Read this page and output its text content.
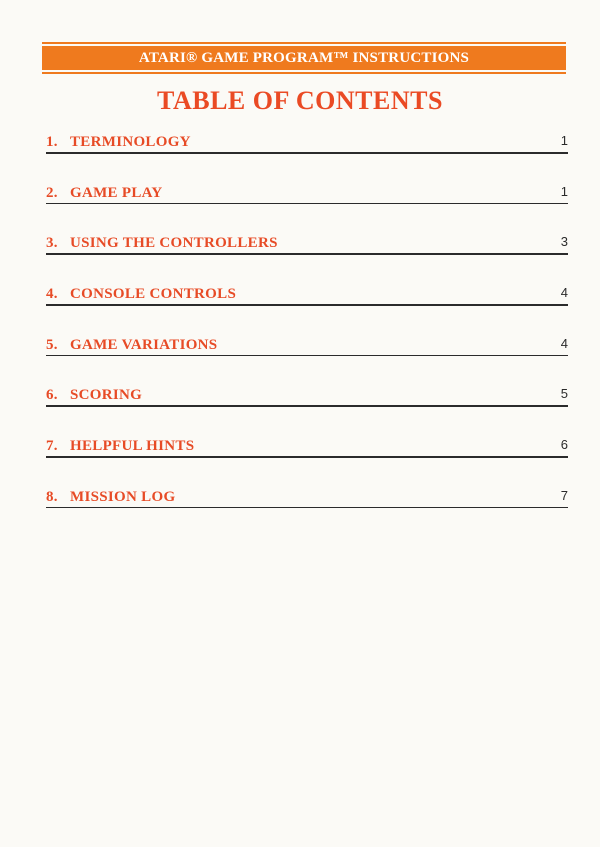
ATARI® GAME PROGRAM™ INSTRUCTIONS
TABLE OF CONTENTS
1. TERMINOLOGY	1
2. GAME PLAY	1
3. USING THE CONTROLLERS	3
4. CONSOLE CONTROLS	4
5. GAME VARIATIONS	4
6. SCORING	5
7. HELPFUL HINTS	6
8. MISSION LOG	7
